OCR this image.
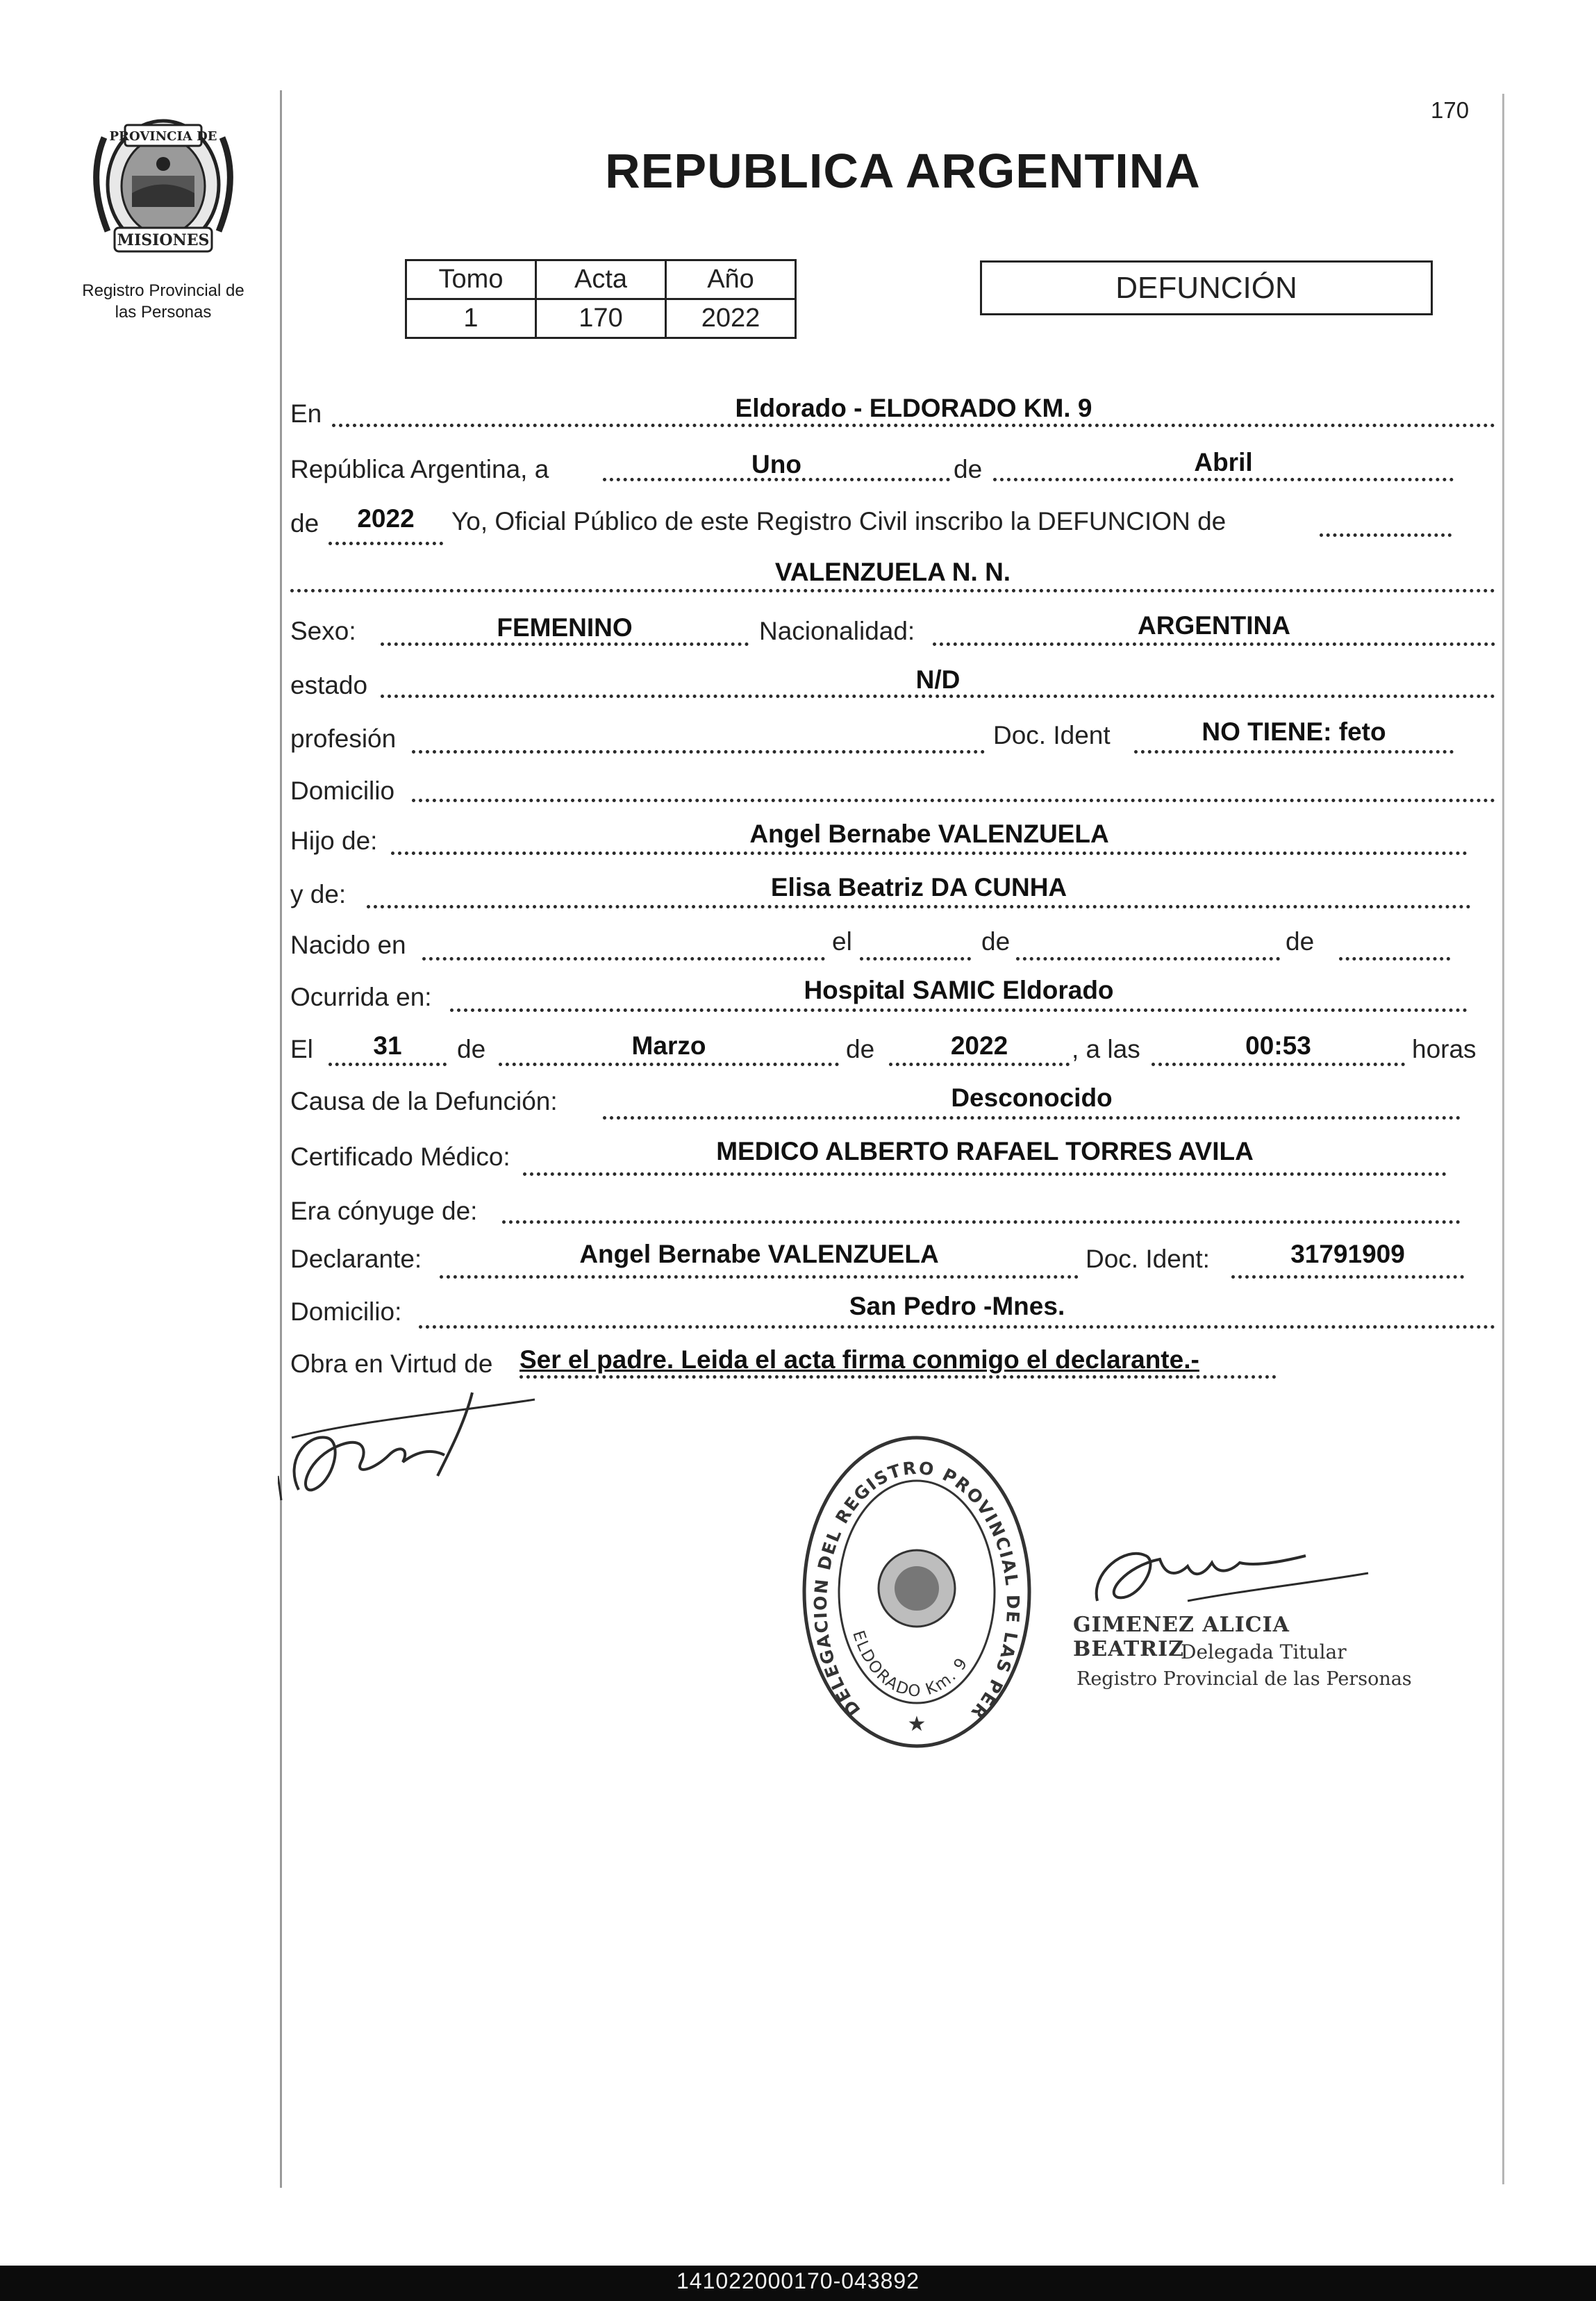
PROVINCIA DE
MISIONES
Registro Provincial de
las Personas
170
REPUBLICA ARGENTINA
Tomo	Acta	Año
1	170	2022
DEFUNCIÓN
En	Eldorado - ELDORADO KM. 9
República Argentina, a	Uno	de	Abril
de	2022	Yo, Oficial Público de este Registro Civil inscribo la DEFUNCION de
VALENZUELA N. N.
Sexo:	FEMENINO	Nacionalidad:	ARGENTINA
estado	N/D
profesión	Doc. Ident	NO TIENE: feto
Domicilio
Hijo de:	Angel Bernabe VALENZUELA
y de:	Elisa Beatriz DA CUNHA
Nacido en	el	de	de
Ocurrida en:	Hospital SAMIC Eldorado
El	31	de	Marzo	de	2022	, a las	00:53	horas
Causa de la Defunción:	Desconocido
Certificado Médico:	MEDICO ALBERTO RAFAEL TORRES AVILA
Era cónyuge de:
Declarante:	Angel Bernabe VALENZUELA	Doc. Ident:	31791909
Domicilio:	San Pedro -Mnes.
Obra en Virtud de Ser el padre. Leida el acta firma conmigo el declarante.-
DELEGACION DEL REGISTRO PROVINCIAL DE LAS PER
ELDORADO Km. 9
★
GIMENEZ ALICIA BEATRIZ
Delegada Titular
Registro Provincial de las Personas
141022000170-043892
